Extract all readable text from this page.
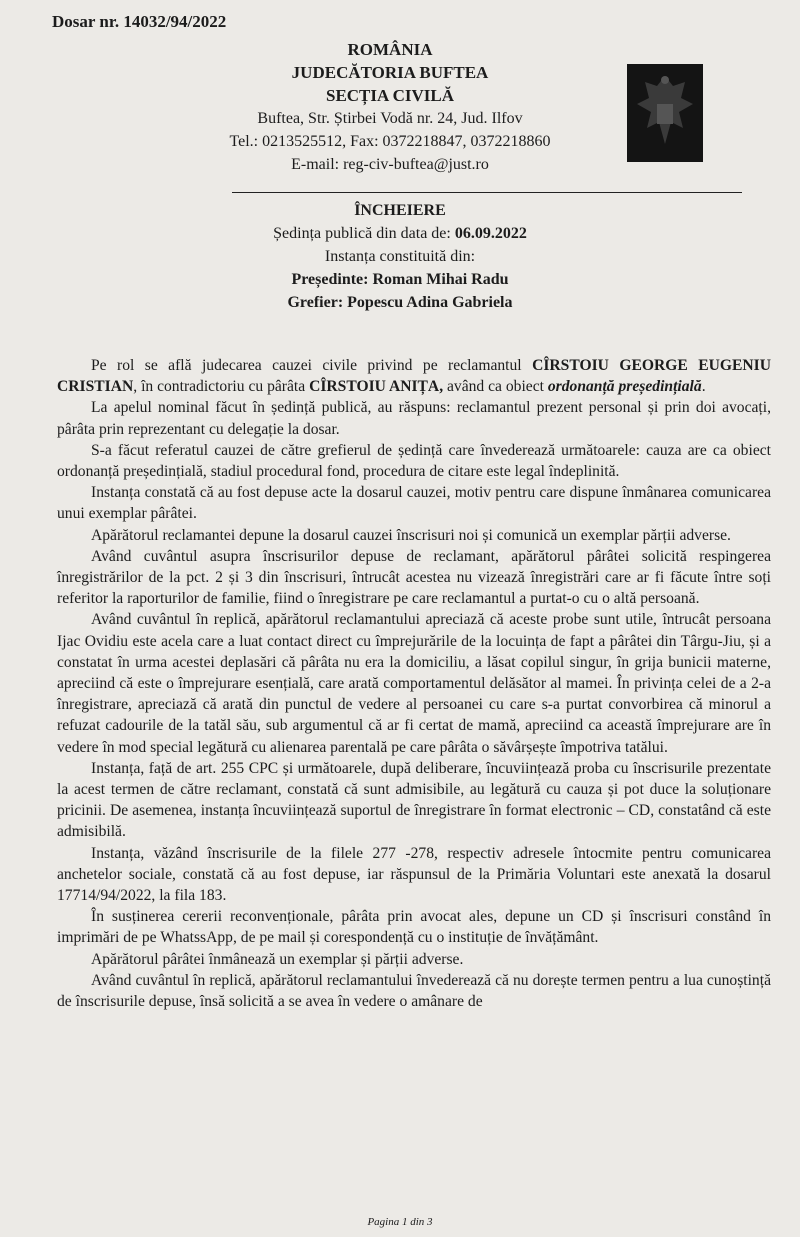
Dosar nr. 14032/94/2022
ROMÂNIA
JUDECĂTORIA BUFTEA
SECȚIA CIVILĂ
Buftea, Str. Știrbei Vodă nr. 24, Jud. Ilfov
Tel.: 0213525512, Fax: 0372218847, 0372218860
E-mail: reg-civ-buftea@just.ro
ÎNCHEIERE
Ședința publică din data de: 06.09.2022
Instanța constituită din:
Președinte: Roman Mihai Radu
Grefier: Popescu Adina Gabriela

Pe rol se află judecarea cauzei civile privind pe reclamantul CÎRSTOIU GEORGE EUGENIU CRISTIAN, în contradictoriu cu pârâta CÎRSTOIU ANIȚA, având ca obiect ordonanță președințială.

La apelul nominal făcut în ședință publică, au răspuns: reclamantul prezent personal și prin doi avocați, pârâta prin reprezentant cu delegație la dosar.

S-a făcut referatul cauzei de către grefierul de ședință care învederează următoarele: cauza are ca obiect ordonanță președințială, stadiul procedural fond, procedura de citare este legal îndeplinită.

Instanța constată că au fost depuse acte la dosarul cauzei, motiv pentru care dispune înmânarea comunicarea unui exemplar pârâtei.

Apărătorul reclamantei depune la dosarul cauzei înscrisuri noi și comunică un exemplar părții adverse.

Având cuvântul asupra înscrisurilor depuse de reclamant, apărătorul pârâtei solicită respingerea înregistrărilor de la pct. 2 și 3 din înscrisuri, întrucât acestea nu vizează înregistrări care ar fi făcute între soți referitor la raporturilor de familie, fiind o înregistrare pe care reclamantul a purtat-o cu o altă persoană.

Având cuvântul în replică, apărătorul reclamantului apreciază că aceste probe sunt utile, întrucât persoana Ijac Ovidiu este acela care a luat contact direct cu împrejurările de la locuința de fapt a pârâtei din Târgu-Jiu, și a constatat în urma acestei deplasări că pârâta nu era la domiciliu, a lăsat copilul singur, în grija bunicii materne, apreciind că este o împrejurare esențială, care arată comportamentul delăsător al mamei. În privința celei de a 2-a înregistrare, apreciază că arată din punctul de vedere al persoanei cu care s-a purtat convorbirea că minorul a refuzat cadourile de la tatăl său, sub argumentul că ar fi certat de mamă, apreciind ca această împrejurare are în vedere în mod special legătură cu alienarea parentală pe care pârâta o săvârșește împotriva tatălui.

Instanța, față de art. 255 CPC și următoarele, după deliberare, încuviințează proba cu înscrisurile prezentate la acest termen de către reclamant, constată că sunt admisibile, au legătură cu cauza și pot duce la soluționare pricinii. De asemenea, instanța încuviințează suportul de înregistrare în format electronic – CD, constatând că este admisibilă.

Instanța, văzând înscrisurile de la filele 277 -278, respectiv adresele întocmite pentru comunicarea anchetelor sociale, constată că au fost depuse, iar răspunsul de la Primăria Voluntari este anexată la dosarul 17714/94/2022, la fila 183.

În susținerea cererii reconvenționale, pârâta prin avocat ales, depune un CD și înscrisuri constând în imprimări de pe WhatssApp, de pe mail și corespondență cu o instituție de învățământ.

Apărătorul pârâtei înmânează un exemplar și părții adverse.

Având cuvântul în replică, apărătorul reclamantului învederează că nu dorește termen pentru a lua cunoștință de înscrisurile depuse, însă solicită a se avea în vedere o amânare de

Pagina 1 din 3
